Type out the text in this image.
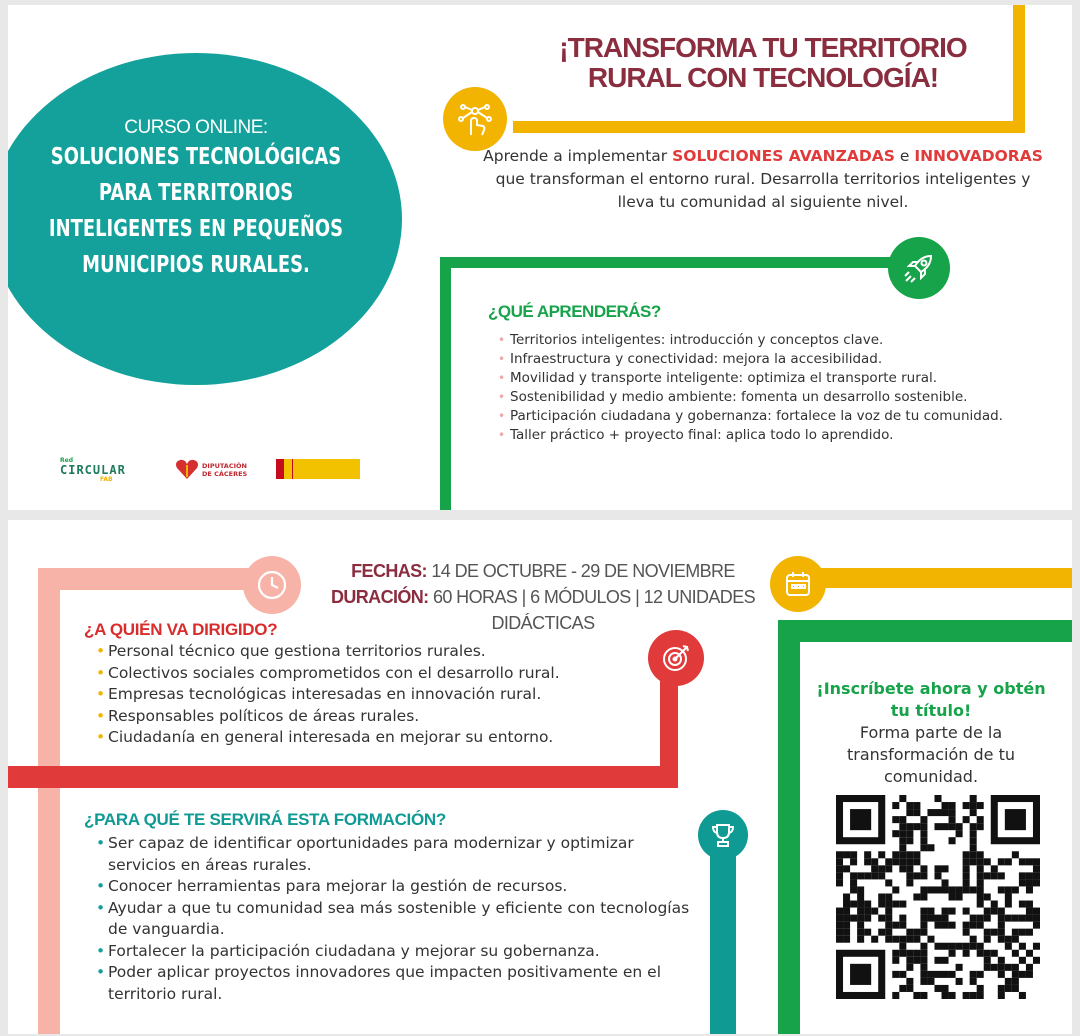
CURSO ONLINE:
SOLUCIONES TECNOLÓGICAS PARA TERRITORIOS INTELIGENTES EN PEQUEÑOS MUNICIPIOS RURALES.
¡TRANSFORMA TU TERRITORIO
RURAL CON TECNOLOGÍA!
Aprende a implementar SOLUCIONES AVANZADAS e INNOVADORAS que transforman el entorno rural. Desarrolla territorios inteligentes y lleva tu comunidad al siguiente nivel.
¿QUÉ APRENDERÁS?
• Territorios inteligentes: introducción y conceptos clave.
• Infraestructura y conectividad: mejora la accesibilidad.
• Movilidad y transporte inteligente: optimiza el transporte rural.
• Sostenibilidad y medio ambiente: fomenta un desarrollo sostenible.
• Participación ciudadana y gobernanza: fortalece la voz de tu comunidad.
• Taller práctico + proyecto final: aplica todo lo aprendido.
Red
CIRCULAR
FAB
DIPUTACIÓN
DE CÁCERES
FECHAS: 14 DE OCTUBRE - 29 DE NOVIEMBRE
DURACIÓN: 60 HORAS | 6 MÓDULOS | 12 UNIDADES DIDÁCTICAS
¿A QUIÉN VA DIRIGIDO?
• Personal técnico que gestiona territorios rurales.
• Colectivos sociales comprometidos con el desarrollo rural.
• Empresas tecnológicas interesadas en innovación rural.
• Responsables políticos de áreas rurales.
• Ciudadanía en general interesada en mejorar su entorno.
¿PARA QUÉ TE SERVIRÁ ESTA FORMACIÓN?
• Ser capaz de identificar oportunidades para modernizar y optimizar servicios en áreas rurales.
• Conocer herramientas para mejorar la gestión de recursos.
• Ayudar a que tu comunidad sea más sostenible y eficiente con tecnologías de vanguardia.
• Fortalecer la participación ciudadana y mejorar su gobernanza.
• Poder aplicar proyectos innovadores que impacten positivamente en el territorio rural.
¡Inscríbete ahora y obtén tu título!
Forma parte de la transformación de tu comunidad.
